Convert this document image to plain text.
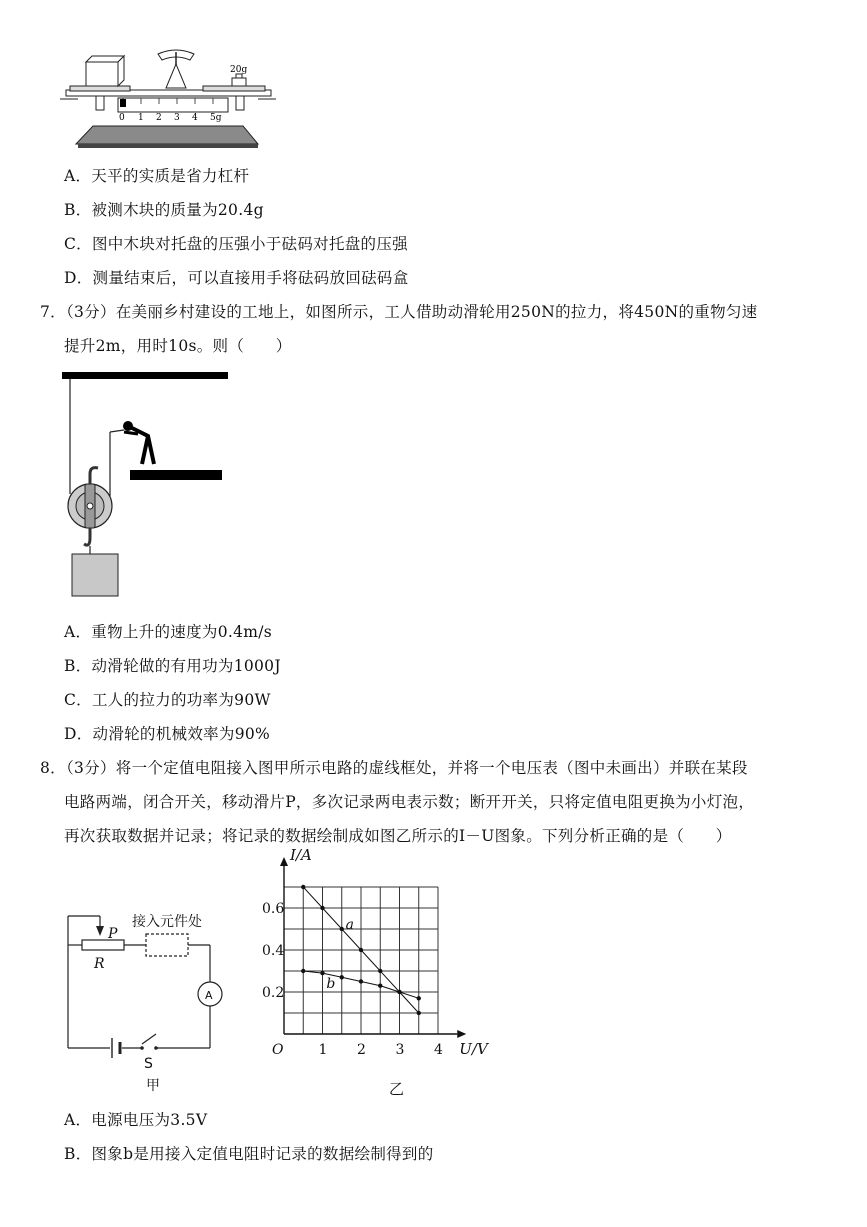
0 1 2 3 4 5g
20g
A．天平的实质是省力杠杆
B．被测木块的质量为20.4g
C．图中木块对托盘的压强小于砝码对托盘的压强
D．测量结束后，可以直接用手将砝码放回砝码盒
7．（3分）在美丽乡村建设的工地上，如图所示，工人借助动滑轮用250N的拉力，将450N的重物匀速
提升2m，用时10s。则（　　）
A．重物上升的速度为0.4m/s
B．动滑轮做的有用功为1000J
C．工人的拉力的功率为90W
D．动滑轮的机械效率为90%
8．（3分）将一个定值电阻接入图甲所示电路的虚线框处，并将一个电压表（图中未画出）并联在某段
电路两端，闭合开关，移动滑片P，多次记录两电表示数；断开开关，只将定值电阻更换为小灯泡，
再次获取数据并记录；将记录的数据绘制成如图乙所示的I－U图象。下列分析正确的是（　　）
接入元件处
P
R
A
S
甲
a
b
1 2 3 4
0.2
0.4
0.6
O
I/A
U/V
乙
A．电源电压为3.5V
B．图象b是用接入定值电阻时记录的数据绘制得到的
